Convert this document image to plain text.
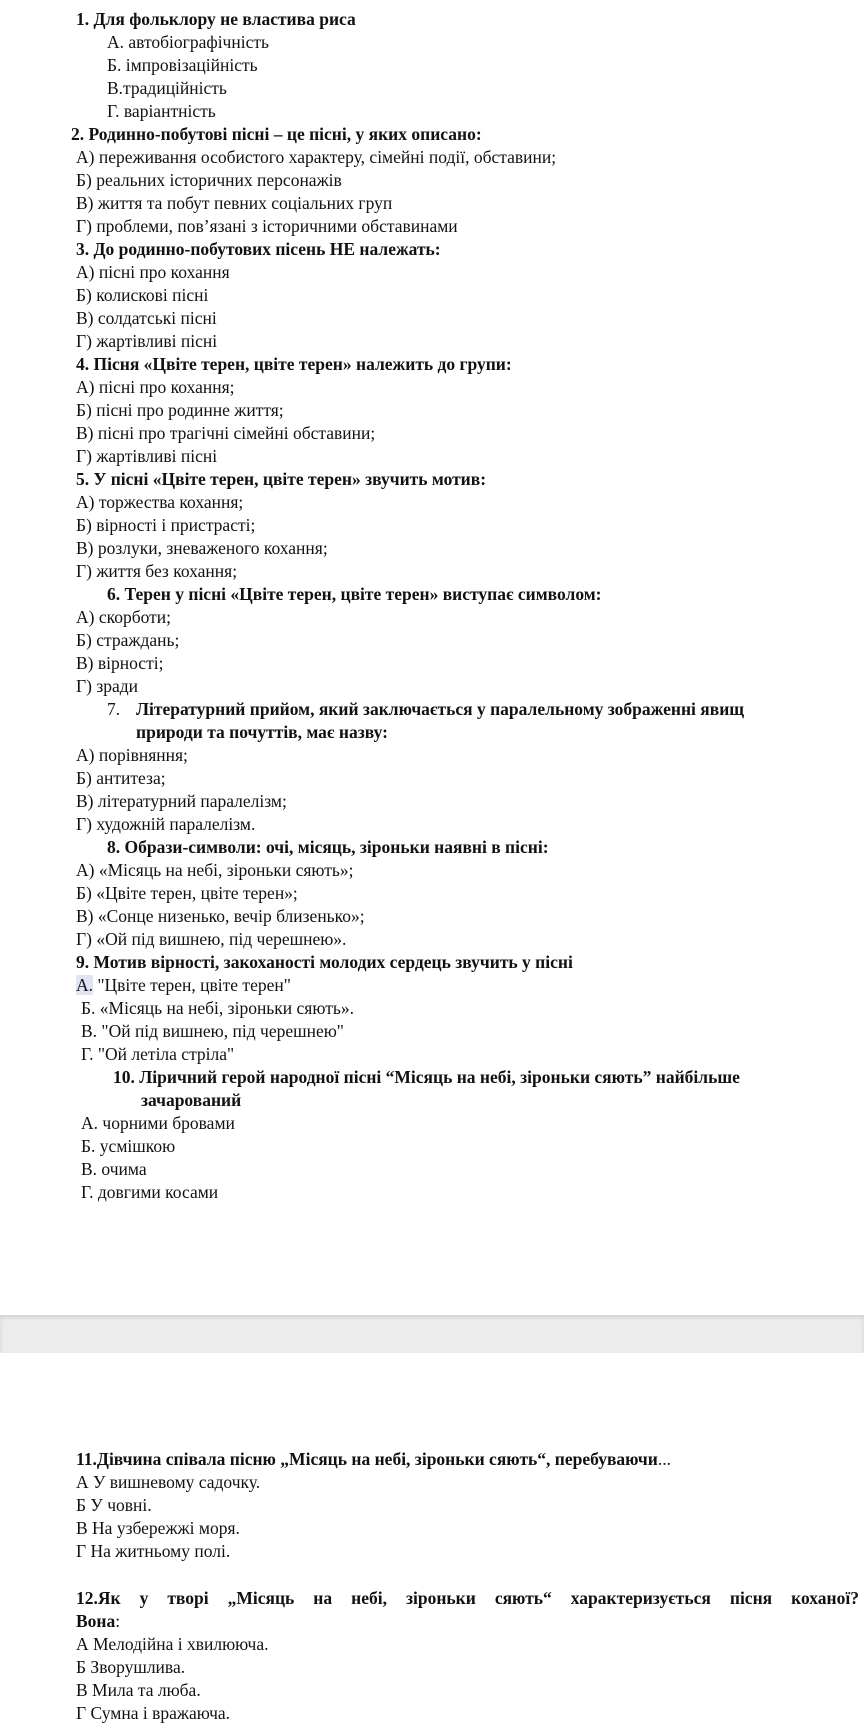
1. Для фольклору не властива риса
А. автобіографічність
Б. імпровізаційність
В.традиційність
Г. варіантність
2. Родинно-побутові пісні – це пісні, у яких описано:
А) переживання особистого характеру, сімейні події, обставини;
Б) реальних історичних персонажів
В) життя та побут певних соціальних груп
Г) проблеми, пов’язані з історичними обставинами
3. До родинно-побутових пісень НЕ належать:
А) пісні про кохання
Б) колискові пісні
В) солдатські пісні
Г) жартівливі пісні
4. Пісня «Цвіте терен, цвіте терен» належить до групи:
А) пісні про кохання;
Б) пісні про родинне життя;
В) пісні про трагічні сімейні обставини;
Г) жартівливі пісні
5. У пісні «Цвіте терен, цвіте терен» звучить мотив:
А) торжества кохання;
Б) вірності і пристрасті;
В) розлуки, зневаженого кохання;
Г) життя без кохання;
6. Терен у пісні «Цвіте терен, цвіте терен» виступає символом:
А) скорботи;
Б) страждань;
В) вірності;
Г) зради
7. Літературний прийом, який заключається у паралельному зображенні явищ
природи та почуттів, має назву:
А) порівняння;
Б) антитеза;
В) літературний паралелізм;
Г) художній паралелізм.
8. Образи-символи: очі, місяць, зіроньки наявні в пісні:
А) «Місяць на небі, зіроньки сяють»;
Б) «Цвіте терен, цвіте терен»;
В) «Сонце низенько, вечір близенько»;
Г) «Ой під вишнею, під черешнею».
9. Мотив вірності, закоханості молодих сердець звучить у пісні
А. "Цвіте терен, цвіте терен"
Б. «Місяць на небі, зіроньки сяють».
В. "Ой під вишнею, під черешнею"
Г. "Ой летіла стріла"
10. Ліричний герой народної пісні “Місяць на небі, зіроньки сяють” найбільше
зачарований
А. чорними бровами
Б. усмішкою
В. очима
Г. довгими косами
11.Дівчина співала пісню „Місяць на небі, зіроньки сяють“, перебуваючи...
А У вишневому садочку.
Б У човні.
В На узбережжі моря.
Г На житньому полі.
12.Як у творі „Місяць на небі, зіроньки сяють“ характеризується пісня коханої?
Вона:
А Мелодійна і хвилююча.
Б Зворушлива.
В Мила та люба.
Г Сумна і вражаюча.
